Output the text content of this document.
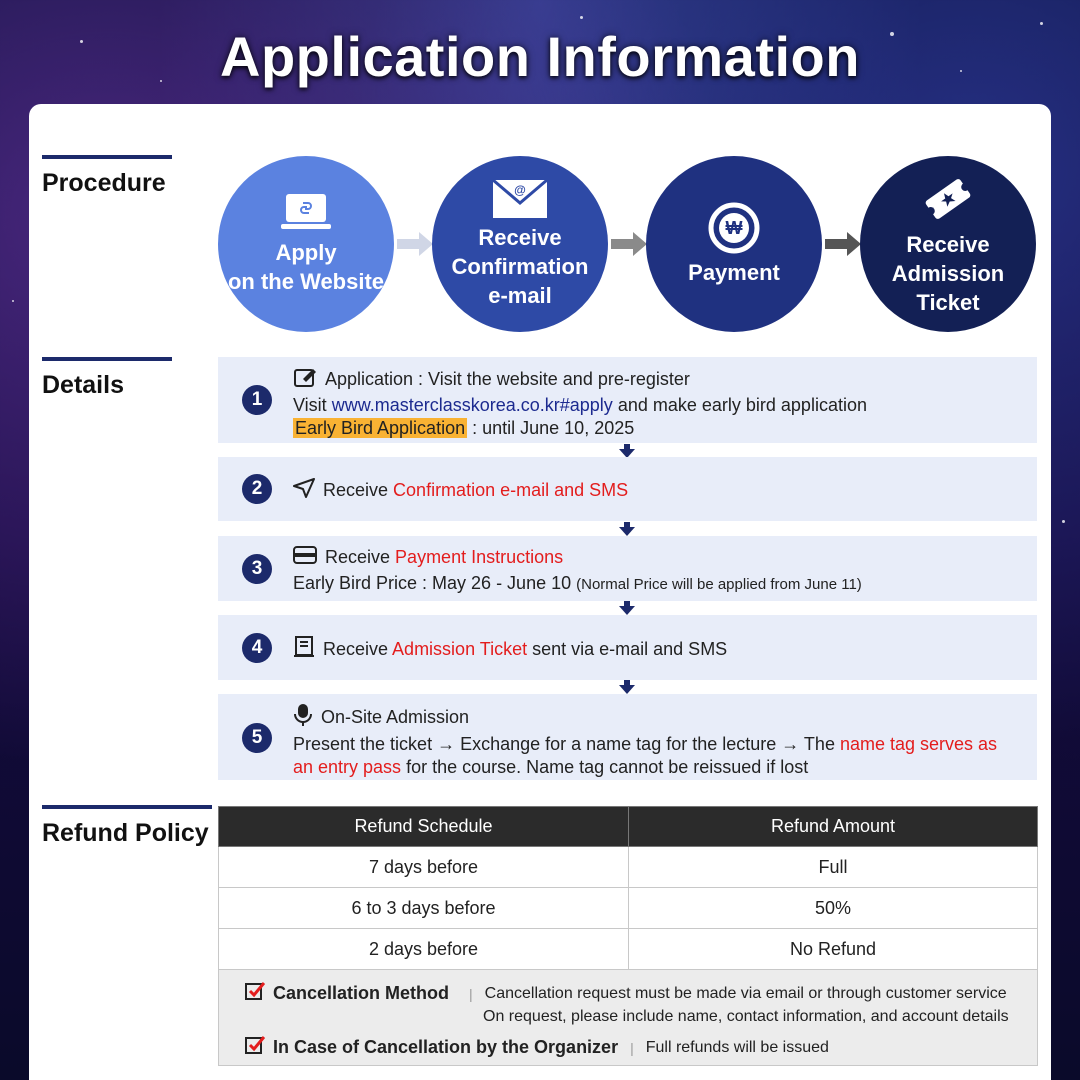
Application Information
Procedure
Details
Refund Policy
Apply
on the Website
@
Receive
Confirmation
e-mail
₩
Payment
Receive
Admission
Ticket
1
Application : Visit the website and pre-register
Visit www.masterclasskorea.co.kr#apply and make early bird application
Early Bird Application : until June 10, 2025
2	Receive Confirmation e-mail and SMS
3
Receive Payment Instructions
Early Bird Price : May 26 - June 10 (Normal Price will be applied from June 11)
4	Receive Admission Ticket sent via e-mail and SMS
5
On-Site Admission
Present the ticket → Exchange for a name tag for the lecture → The name tag serves as
an entry pass for the course. Name tag cannot be reissued if lost
Refund Schedule	Refund Amount
7 days before	Full
6 to 3 days before	50%
2 days before	No Refund
Cancellation Method | Cancellation request must be made via email or through customer service
On request, please include name, contact information, and account details
In Case of Cancellation by the Organizer | Full refunds will be issued
